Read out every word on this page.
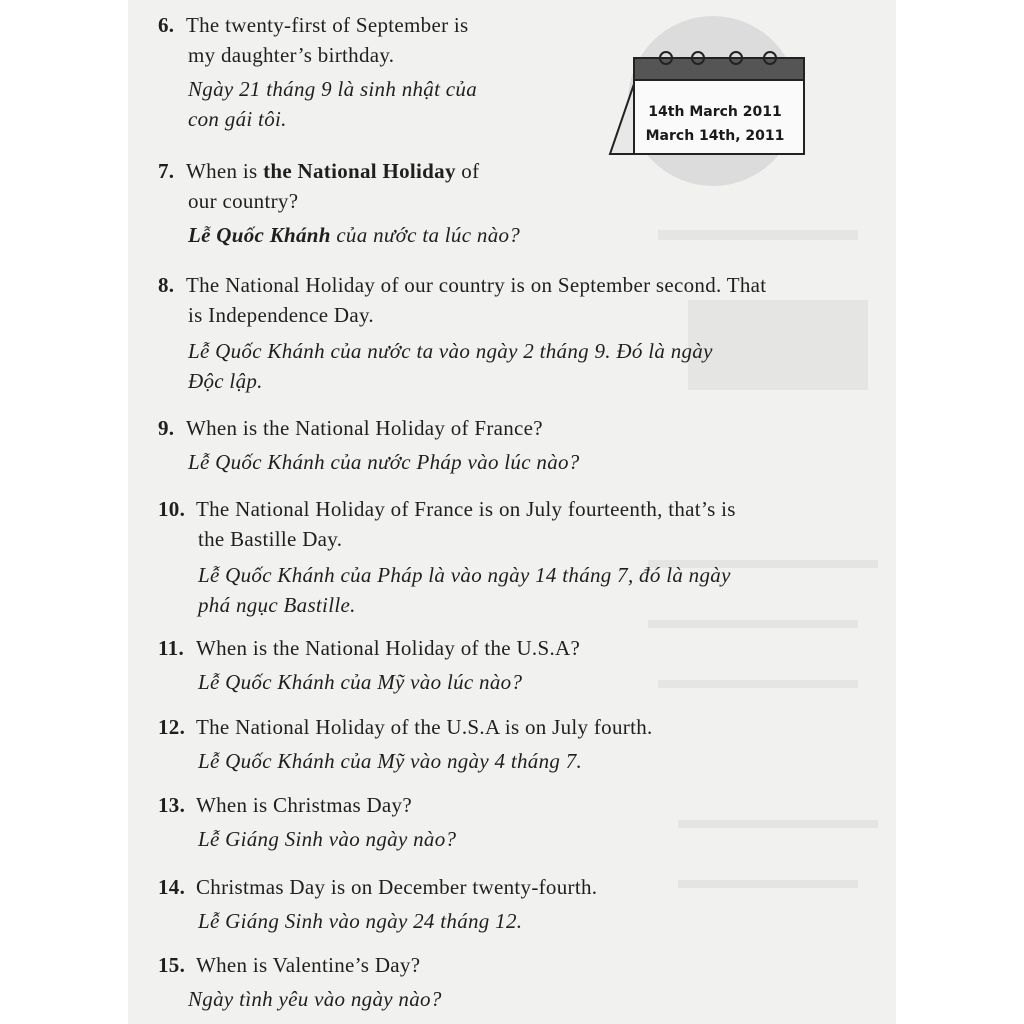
14th March 2011
March 14th, 2011
6. The twenty-first of September is
my daughter’s birthday.
Ngày 21 tháng 9 là sinh nhật của
con gái tôi.
7. When is the National Holiday of
our country?
Lễ Quốc Khánh của nước ta lúc nào?
8. The National Holiday of our country is on September second. That
is Independence Day.
Lễ Quốc Khánh của nước ta vào ngày 2 tháng 9. Đó là ngày
Độc lập.
9. When is the National Holiday of France?
Lễ Quốc Khánh của nước Pháp vào lúc nào?
10. The National Holiday of France is on July fourteenth, that’s is
the Bastille Day.
Lễ Quốc Khánh của Pháp là vào ngày 14 tháng 7, đó là ngày
phá ngục Bastille.
11. When is the National Holiday of the U.S.A?
Lễ Quốc Khánh của Mỹ vào lúc nào?
12. The National Holiday of the U.S.A is on July fourth.
Lễ Quốc Khánh của Mỹ vào ngày 4 tháng 7.
13. When is Christmas Day?
Lễ Giáng Sinh vào ngày nào?
14. Christmas Day is on December twenty-fourth.
Lễ Giáng Sinh vào ngày 24 tháng 12.
15. When is Valentine’s Day?
Ngày tình yêu vào ngày nào?
